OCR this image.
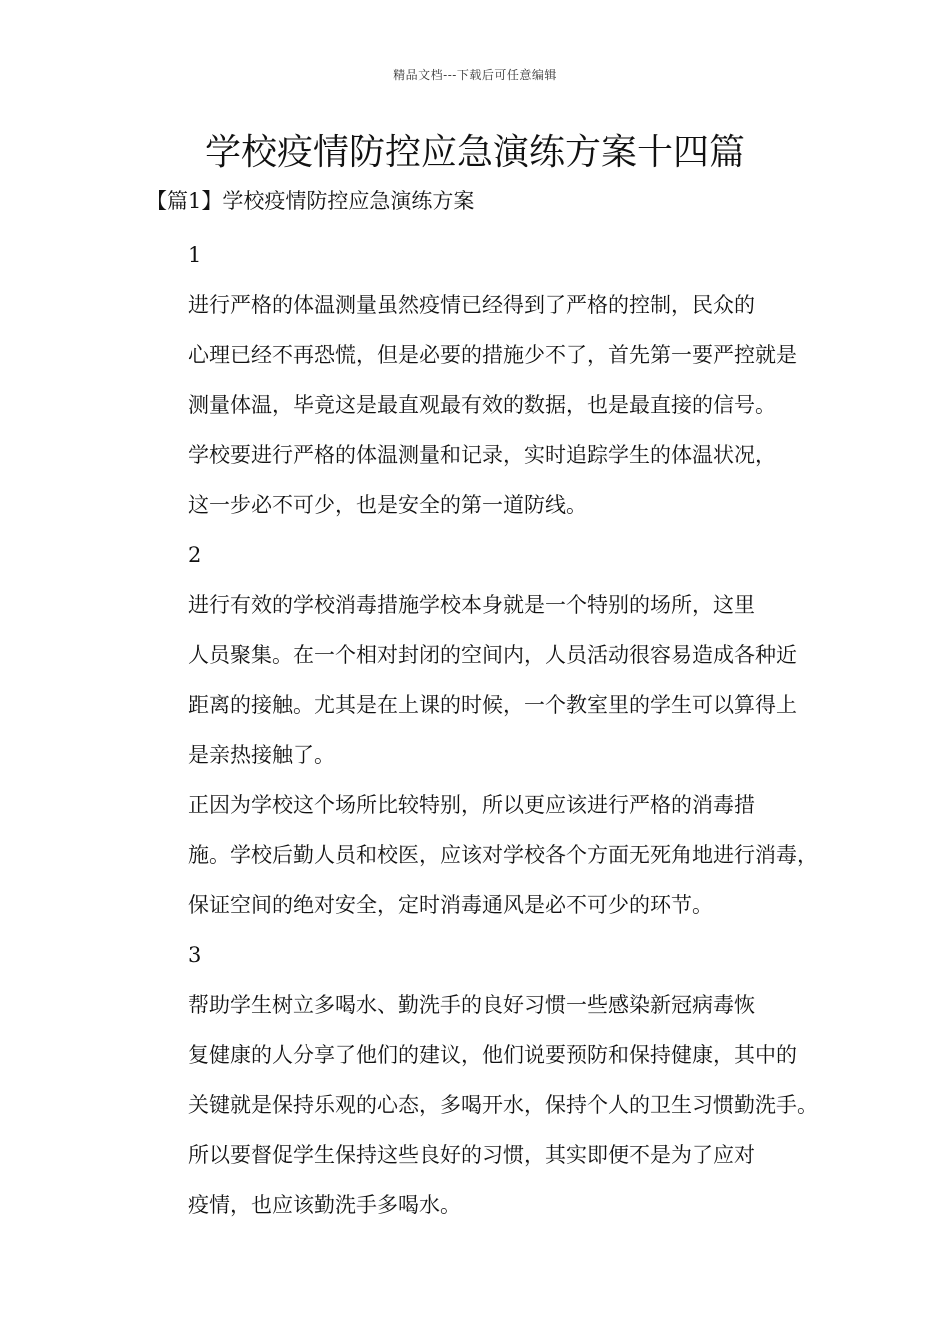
精品文档---下载后可任意编辑
学校疫情防控应急演练方案十四篇
【篇1】学校疫情防控应急演练方案

1

进行严格的体温测量虽然疫情已经得到了严格的控制，民众的
心理已经不再恐慌，但是必要的措施少不了，首先第一要严控就是
测量体温，毕竟这是最直观最有效的数据，也是最直接的信号。

学校要进行严格的体温测量和记录，实时追踪学生的体温状况，
这一步必不可少，也是安全的第一道防线。

2

进行有效的学校消毒措施学校本身就是一个特别的场所，这里
人员聚集。在一个相对封闭的空间内，人员活动很容易造成各种近
距离的接触。尤其是在上课的时候，一个教室里的学生可以算得上
是亲热接触了。

正因为学校这个场所比较特别，所以更应该进行严格的消毒措
施。学校后勤人员和校医，应该对学校各个方面无死角地进行消毒，
保证空间的绝对安全，定时消毒通风是必不可少的环节。

3

帮助学生树立多喝水、勤洗手的良好习惯一些感染新冠病毒恢
复健康的人分享了他们的建议，他们说要预防和保持健康，其中的
关键就是保持乐观的心态，多喝开水，保持个人的卫生习惯勤洗手。

所以要督促学生保持这些良好的习惯，其实即便不是为了应对
疫情，也应该勤洗手多喝水。
